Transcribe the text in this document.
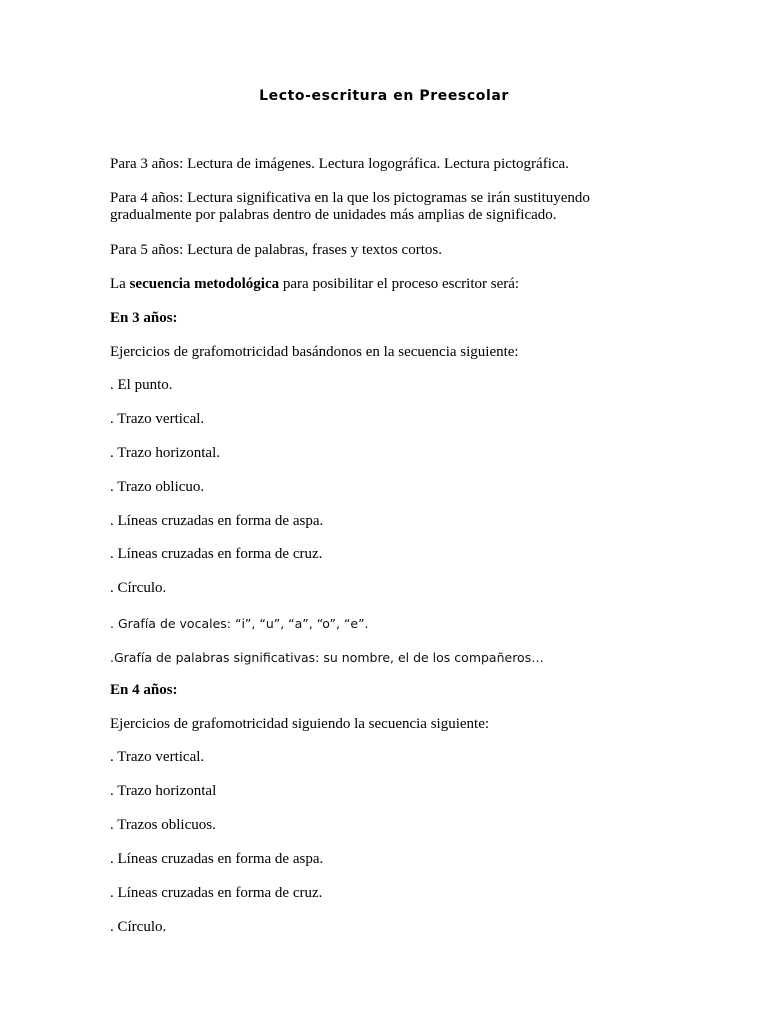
Lecto-escritura en Preescolar

Para 3 años: Lectura de imágenes. Lectura logográfica. Lectura pictográfica.

Para 4 años: Lectura significativa en la que los pictogramas se irán sustituyendo

gradualmente por palabras dentro de unidades más amplias de significado.

Para 5 años: Lectura de palabras, frases y textos cortos.

La secuencia metodológica para posibilitar el proceso escritor será:

En 3 años:

Ejercicios de grafomotricidad basándonos en la secuencia siguiente:

. El punto.

. Trazo vertical.

. Trazo horizontal.

. Trazo oblicuo.

. Líneas cruzadas en forma de aspa.

. Líneas cruzadas en forma de cruz.

. Círculo.

. Grafía de vocales: “i”, “u”, “a”, “o”, “e”.

.Grafía de palabras significativas: su nombre, el de los compañeros…

En 4 años:

Ejercicios de grafomotricidad siguiendo la secuencia siguiente:

. Trazo vertical.

. Trazo horizontal

. Trazos oblicuos.

. Líneas cruzadas en forma de aspa.

. Líneas cruzadas en forma de cruz.

. Círculo.
